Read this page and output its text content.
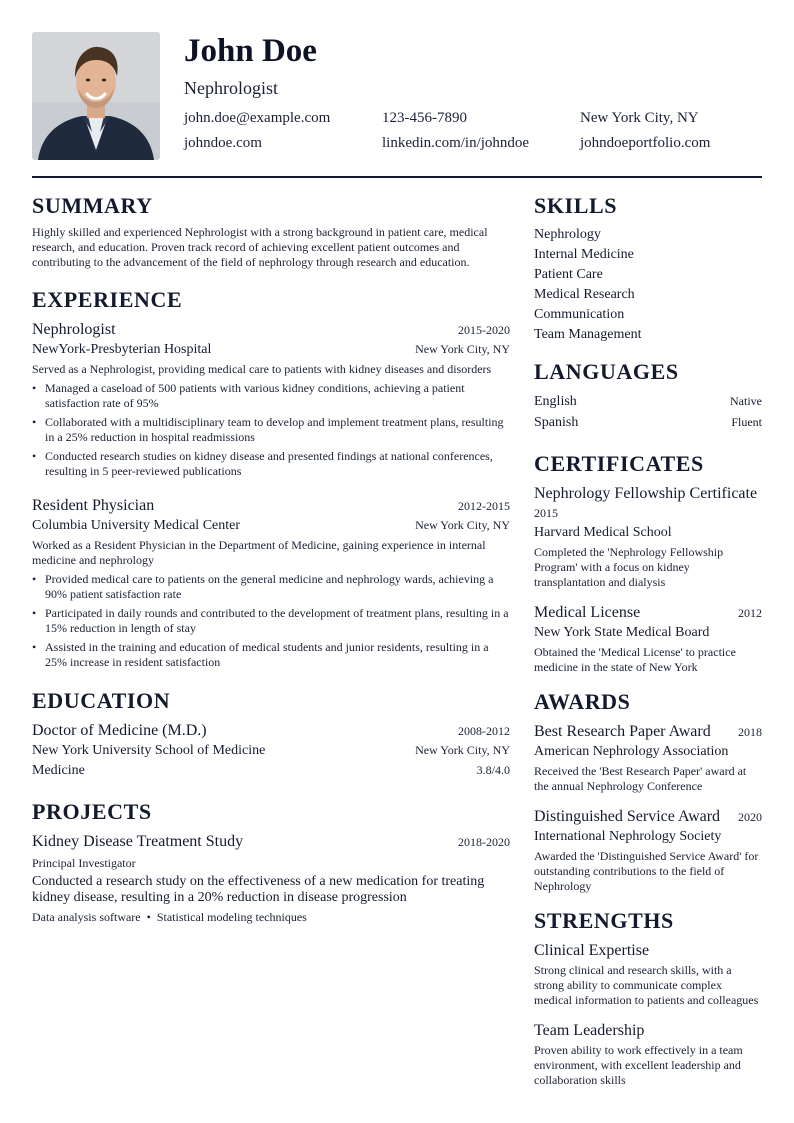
John Doe
Nephrologist
john.doe@example.com	123-456-7890	New York City, NY
johndoe.com	linkedin.com/in/johndoe	johndoeportfolio.com
SUMMARY

Highly skilled and experienced Nephrologist with a strong background in patient care, medical research, and education. Proven track record of achieving excellent patient outcomes and contributing to the advancement of the field of nephrology through research and education.

EXPERIENCE
Nephrologist	2015-2020
NewYork-Presbyterian Hospital	New York City, NY

Served as a Nephrologist, providing medical care to patients with kidney diseases and disorders

• Managed a caseload of 500 patients with various kidney conditions, achieving a patient satisfaction rate of 95%
• Collaborated with a multidisciplinary team to develop and implement treatment plans, resulting in a 25% reduction in hospital readmissions
• Conducted research studies on kidney disease and presented findings at national conferences, resulting in 5 peer-reviewed publications
Resident Physician	2012-2015
Columbia University Medical Center	New York City, NY

Worked as a Resident Physician in the Department of Medicine, gaining experience in internal medicine and nephrology

• Provided medical care to patients on the general medicine and nephrology wards, achieving a 90% patient satisfaction rate
• Participated in daily rounds and contributed to the development of treatment plans, resulting in a 15% reduction in length of stay
• Assisted in the training and education of medical students and junior residents, resulting in a 25% increase in resident satisfaction
EDUCATION
Doctor of Medicine (M.D.)	2008-2012
New York University School of Medicine	New York City, NY
Medicine	3.8/4.0
PROJECTS
Kidney Disease Treatment Study	2018-2020

Principal Investigator

Conducted a research study on the effectiveness of a new medication for treating kidney disease, resulting in a 20% reduction in disease progression

Data analysis software • Statistical modeling techniques

SKILLS
Nephrology
Internal Medicine
Patient Care
Medical Research
Communication
Team Management
LANGUAGES
English	Native
Spanish	Fluent
CERTIFICATES
Nephrology Fellowship Certificate
2015
Harvard Medical School

Completed the 'Nephrology Fellowship Program' with a focus on kidney transplantation and dialysis

Medical License	2012
New York State Medical Board

Obtained the 'Medical License' to practice medicine in the state of New York

AWARDS
Best Research Paper Award 2018
American Nephrology Association

Received the 'Best Research Paper' award at the annual Nephrology Conference

Distinguished Service Award 2020
International Nephrology Society

Awarded the 'Distinguished Service Award' for outstanding contributions to the field of Nephrology

STRENGTHS
Clinical Expertise

Strong clinical and research skills, with a strong ability to communicate complex medical information to patients and colleagues

Team Leadership

Proven ability to work effectively in a team environment, with excellent leadership and collaboration skills
